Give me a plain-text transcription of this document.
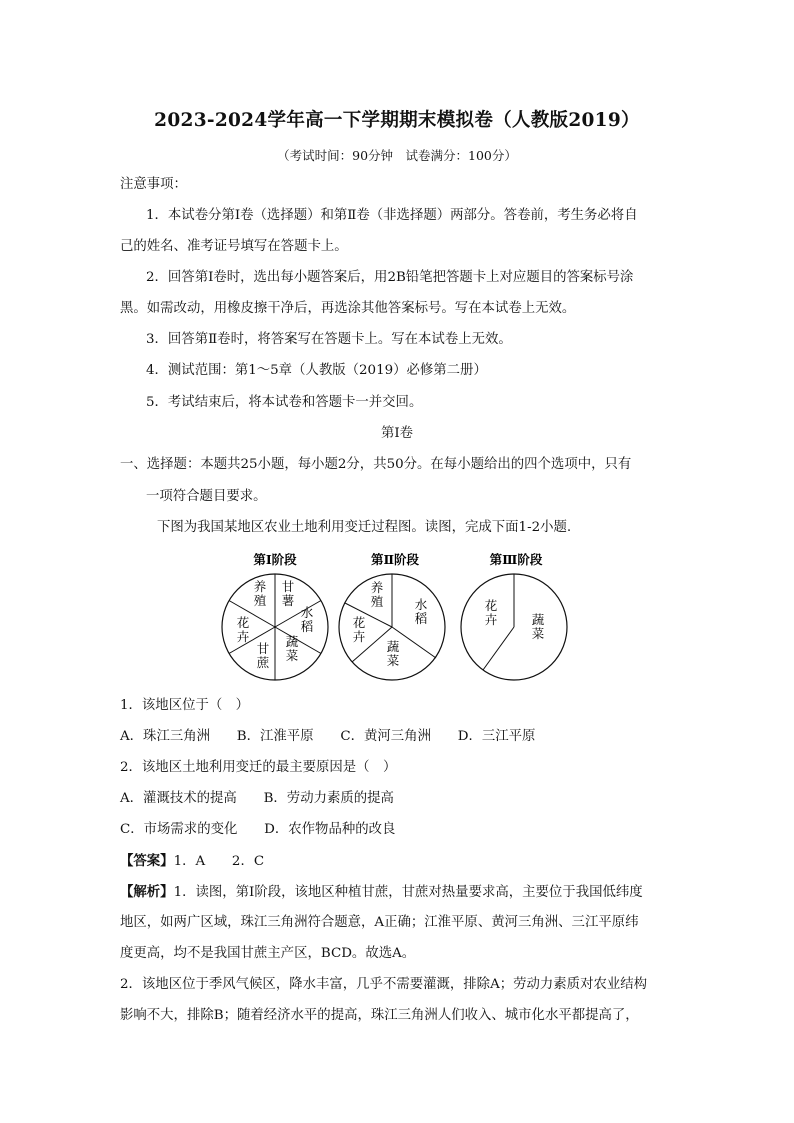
2023-2024学年高一下学期期末模拟卷（人教版2019）
（考试时间：90分钟　试卷满分：100分）
注意事项：
1．本试卷分第Ⅰ卷（选择题）和第Ⅱ卷（非选择题）两部分。答卷前，考生务必将自
己的姓名、准考证号填写在答题卡上。
2．回答第Ⅰ卷时，选出每小题答案后，用2B铅笔把答题卡上对应题目的答案标号涂
黑。如需改动，用橡皮擦干净后，再选涂其他答案标号。写在本试卷上无效。
3．回答第Ⅱ卷时，将答案写在答题卡上。写在本试卷上无效。
4．测试范围：第1～5章（人教版（2019）必修第二册）
5．考试结束后，将本试卷和答题卡一并交回。
第Ⅰ卷
一、选择题：本题共25小题，每小题2分，共50分。在每小题给出的四个选项中，只有
一项符合题目要求。
下图为我国某地区农业土地利用变迁过程图。读图，完成下面1-2小题.
第Ⅰ阶段
甘薯
水稻
蔬菜
甘蔗
花卉
养殖
第Ⅱ阶段
水稻
蔬菜
花卉
养殖
第Ⅲ阶段
蔬菜
花卉
1．该地区位于（　）
A．珠江三角洲　　B．江淮平原　　C．黄河三角洲　　D．三江平原
2．该地区土地利用变迁的最主要原因是（　）
A．灌溉技术的提高　　B．劳动力素质的提高
C．市场需求的变化　　D．农作物品种的改良
【答案】1．A　　2．C
【解析】1．读图，第Ⅰ阶段，该地区种植甘蔗，甘蔗对热量要求高，主要位于我国低纬度
地区，如两广区域，珠江三角洲符合题意，A正确；江淮平原、黄河三角洲、三江平原纬
度更高，均不是我国甘蔗主产区，BCD。故选A。
2．该地区位于季风气候区，降水丰富，几乎不需要灌溉，排除A；劳动力素质对农业结构
影响不大，排除B；随着经济水平的提高，珠江三角洲人们收入、城市化水平都提高了，
